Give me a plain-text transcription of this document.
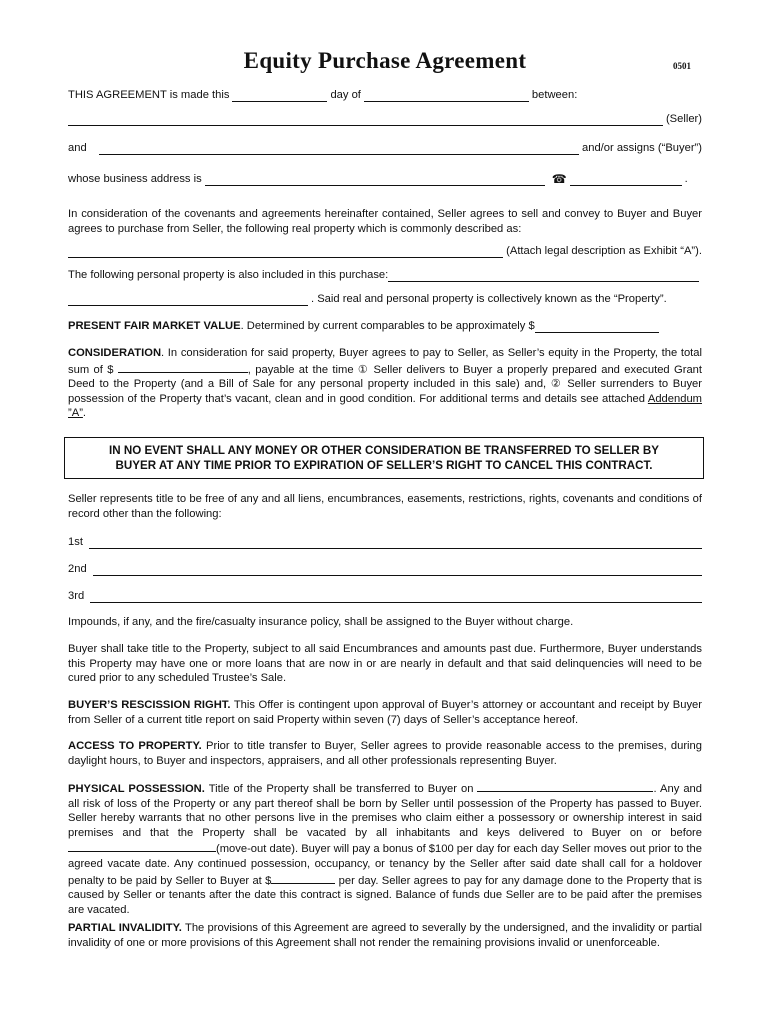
Equity Purchase Agreement	0501
THIS AGREEMENT is made this	day of	between:
(Seller)
and	and/or assigns (“Buyer”)
whose business address is	☎	.
In consideration of the covenants and agreements hereinafter contained, Seller agrees to sell and convey to Buyer and Buyer agrees to purchase from Seller, the following real property which is commonly described as:
(Attach legal description as Exhibit “A”).
The following personal property is also included in this purchase:
. Said real and personal property is collectively known as the “Property”.
PRESENT FAIR MARKET VALUE . Determined by current comparables to be approximately $
CONSIDERATION. In consideration for said property, Buyer agrees to pay to Seller, as Seller’s equity in the Property, the total sum of $	, payable at the time ① Seller delivers to Buyer a properly prepared and executed Grant Deed to the Property (and a Bill of Sale for any personal property included in this sale) and, ② Seller surrenders to Buyer possession of the Property that’s vacant, clean and in good condition. For additional terms and details see attached Addendum ”A”.
IN NO EVENT SHALL ANY MONEY OR OTHER CONSIDERATION BE TRANSFERRED TO SELLER BY
BUYER AT ANY TIME PRIOR TO EXPIRATION OF SELLER’S RIGHT TO CANCEL THIS CONTRACT.
Seller represents title to be free of any and all liens, encumbrances, easements, restrictions, rights, covenants and conditions of record other than the following:
1st
2nd
3rd
Impounds, if any, and the fire/casualty insurance policy, shall be assigned to the Buyer without charge.
Buyer shall take title to the Property, subject to all said Encumbrances and amounts past due. Furthermore, Buyer understands this Property may have one or more loans that are now in or are nearly in default and that said delinquencies will need to be cured prior to any scheduled Trustee’s Sale.
BUYER’S RESCISSION RIGHT. This Offer is contingent upon approval of Buyer’s attorney or accountant and receipt by Buyer from Seller of a current title report on said Property within seven (7) days of Seller’s acceptance hereof.
ACCESS TO PROPERTY. Prior to title transfer to Buyer, Seller agrees to provide reasonable access to the premises, during daylight hours, to Buyer and inspectors, appraisers, and all other professionals representing Buyer.
PHYSICAL POSSESSION. Title of the Property shall be transferred to Buyer on	. Any and all risk of loss of the Property or any part thereof shall be born by Seller until possession of the Property has passed to Buyer. Seller hereby warrants that no other persons live in the premises who claim either a possessory or ownership interest in said premises and that the Property shall be vacated by all inhabitants and keys delivered to Buyer on or before (move-out date). Buyer will pay a bonus of $100 per day for each day Seller moves out prior to the agreed vacate date. Any continued possession, occupancy, or tenancy by the Seller after said date shall call for a holdover penalty to be paid by Seller to Buyer at $	per day. Seller agrees to pay for any damage done to the Property that is caused by Seller or tenants after the date this contract is signed. Balance of funds due Seller are to be paid after the premises are vacated.
PARTIAL INVALIDITY. The provisions of this Agreement are agreed to severally by the undersigned, and the invalidity or partial invalidity of one or more provisions of this Agreement shall not render the remaining provisions invalid or unenforceable.
